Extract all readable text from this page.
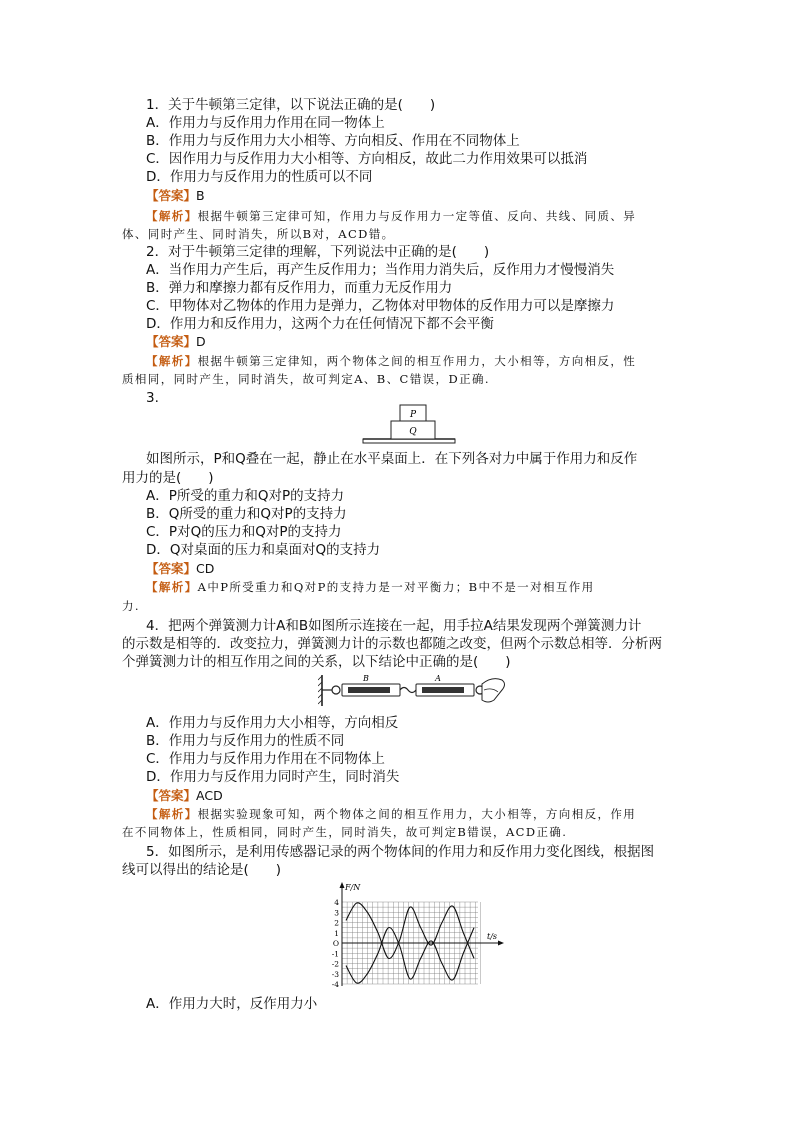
1．关于牛顿第三定律，以下说法正确的是(　　)
A．作用力与反作用力作用在同一物体上
B．作用力与反作用力大小相等、方向相反、作用在不同物体上
C．因作用力与反作用力大小相等、方向相反，故此二力作用效果可以抵消
D．作用力与反作用力的性质可以不同
【答案】B
【解析】根据牛顿第三定律可知，作用力与反作用力一定等值、反向、共线、同质、异
体、同时产生、同时消失，所以B对，ACD错。
2．对于牛顿第三定律的理解，下列说法中正确的是(　　)
A．当作用力产生后，再产生反作用力；当作用力消失后，反作用力才慢慢消失
B．弹力和摩擦力都有反作用力，而重力无反作用力
C．甲物体对乙物体的作用力是弹力，乙物体对甲物体的反作用力可以是摩擦力
D．作用力和反作用力，这两个力在任何情况下都不会平衡
【答案】D
【解析】根据牛顿第三定律知，两个物体之间的相互作用力，大小相等，方向相反，性
质相同，同时产生，同时消失，故可判定A、B、C错误，D正确.
3.
P
Q
如图所示，P和Q叠在一起，静止在水平桌面上．在下列各对力中属于作用力和反作
用力的是(　　)
A．P所受的重力和Q对P的支持力
B．Q所受的重力和Q对P的支持力
C．P对Q的压力和Q对P的支持力
D．Q对桌面的压力和桌面对Q的支持力
【答案】CD
【解析】A中P所受重力和Q对P的支持力是一对平衡力；B中不是一对相互作用
力.
4．把两个弹簧测力计A和B如图所示连接在一起，用手拉A结果发现两个弹簧测力计
的示数是相等的．改变拉力，弹簧测力计的示数也都随之改变，但两个示数总相等．分析两
个弹簧测力计的相互作用之间的关系，以下结论中正确的是(　　)
B	A
A．作用力与反作用力大小相等，方向相反
B．作用力与反作用力的性质不同
C．作用力与反作用力作用在不同物体上
D．作用力与反作用力同时产生，同时消失
【答案】ACD
【解析】根据实验现象可知，两个物体之间的相互作用力，大小相等，方向相反，作用
在不同物体上，性质相同，同时产生，同时消失，故可判定B错误，ACD正确.
5．如图所示，是利用传感器记录的两个物体间的作用力和反作用力变化图线，根据图
线可以得出的结论是(　　)
F/N
t/s
4
3
2
1
O
-1
-2
-3
-4
A．作用力大时，反作用力小
